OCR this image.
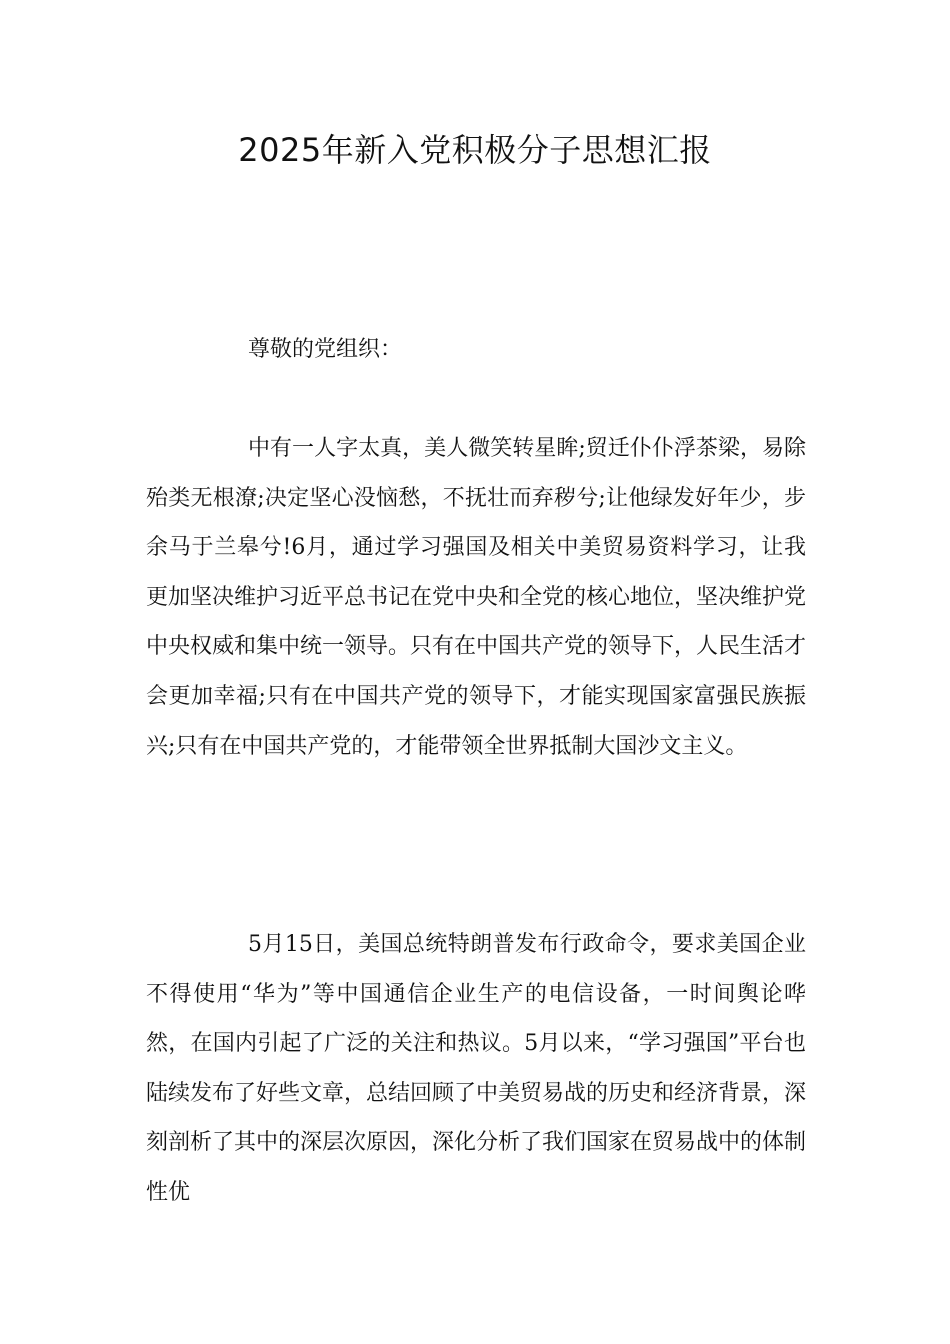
2025年新入党积极分子思想汇报

尊敬的党组织：

中有一人字太真，美人微笑转星眸;贸迁仆仆浮茶梁，易除殆类无根潦;决定坚心没恼愁，不抚壮而弃秽兮;让他绿发好年少，步余马于兰皋兮!6月，通过学习强国及相关中美贸易资料学习，让我更加坚决维护习近平总书记在党中央和全党的核心地位，坚决维护党中央权威和集中统一领导。只有在中国共产党的领导下，人民生活才会更加幸福;只有在中国共产党的领导下，才能实现国家富强民族振兴;只有在中国共产党的，才能带领全世界抵制大国沙文主义。

5月15日，美国总统特朗普发布行政命令，要求美国企业不得使用“华为”等中国通信企业生产的电信设备，一时间舆论哗然，在国内引起了广泛的关注和热议。5月以来，“学习强国”平台也陆续发布了好些文章，总结回顾了中美贸易战的历史和经济背景，深刻剖析了其中的深层次原因，深化分析了我们国家在贸易战中的体制性优
